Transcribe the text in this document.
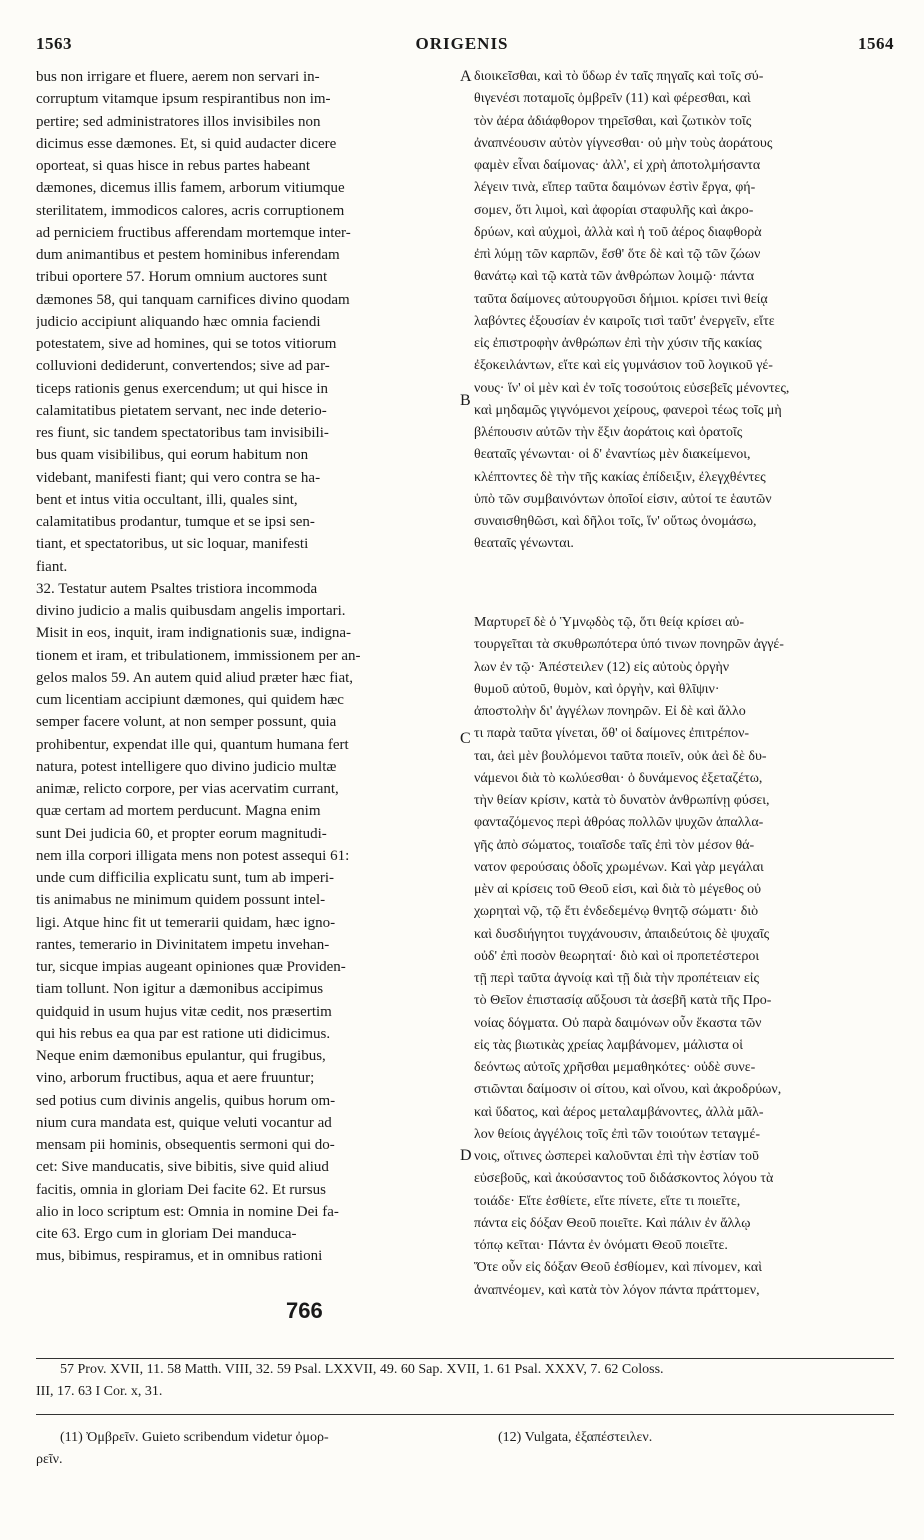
1563	ORIGENIS	1564
bus non irrigare et fluere, aerem non servari in-
corruptum vitamque ipsum respirantibus non im-
pertire; sed administratores illos invisibiles non
dicimus esse dæmones. Et, si quid audacter dicere
oporteat, si quas hisce in rebus partes habeant
dæmones, dicemus illis famem, arborum vitiumque
sterilitatem, immodicos calores, acris corruptionem
ad perniciem fructibus afferendam mortemque inter-
dum animantibus et pestem hominibus inferendam
tribui oportere 57. Horum omnium auctores sunt
dæmones 58, qui tanquam carnifices divino quodam
judicio accipiunt aliquando hæc omnia faciendi
potestatem, sive ad homines, qui se totos vitiorum
colluvioni dediderunt, convertendos; sive ad par-
ticeps rationis genus exercendum; ut qui hisce in
calamitatibus pietatem servant, nec inde deterio-
res fiunt, sic tandem spectatoribus tam invisibili-
bus quam visibilibus, qui eorum habitum non
videbant, manifesti fiant; qui vero contra se ha-
bent et intus vitia occultant, illi, quales sint,
calamitatibus prodantur, tumque et se ipsi sen-
tiant, et spectatoribus, ut sic loquar, manifesti
fiant.
32. Testatur autem Psaltes tristiora incommoda
divino judicio a malis quibusdam angelis importari.
Misit in eos, inquit, iram indignationis suæ, indigna-
tionem et iram, et tribulationem, immissionem per an-
gelos malos 59. An autem quid aliud præter hæc fiat,
cum licentiam accipiunt dæmones, qui quidem hæc
semper facere volunt, at non semper possunt, quia
prohibentur, expendat ille qui, quantum humana fert
natura, potest intelligere quo divino judicio multæ
animæ, relicto corpore, per vias acervatim currant,
quæ certam ad mortem perducunt. Magna enim
sunt Dei judicia 60, et propter eorum magnitudi-
nem illa corpori illigata mens non potest assequi 61:
unde cum difficilia explicatu sunt, tum ab imperi-
tis animabus ne minimum quidem possunt intel-
ligi. Atque hinc fit ut temerarii quidam, hæc igno-
rantes, temerario in Divinitatem impetu invehan-
tur, sicque impias augeant opiniones quæ Providen-
tiam tollunt. Non igitur a dæmonibus accipimus
quidquid in usum hujus vitæ cedit, nos præsertim
qui his rebus ea qua par est ratione uti didicimus.
Neque enim dæmonibus epulantur, qui frugibus,
vino, arborum fructibus, aqua et aere fruuntur;
sed potius cum divinis angelis, quibus horum om-
nium cura mandata est, quique veluti vocantur ad
mensam pii hominis, obsequentis sermoni qui do-
cet: Sive manducatis, sive bibitis, sive quid aliud
facitis, omnia in gloriam Dei facite 62. Et rursus
alio in loco scriptum est: Omnia in nomine Dei fa-
cite 63. Ergo cum in gloriam Dei manduca-
mus, bibimus, respiramus, et in omnibus rationi
διοικεῖσθαι, καὶ τὸ ὕδωρ ἐν ταῖς πηγαῖς καὶ τοῖς σύ-
θιγενέσι ποταμοῖς ὀμβρεῖν (11) καὶ φέρεσθαι, καὶ
τὸν ἀέρα ἀδιάφθορον τηρεῖσθαι, καὶ ζωτικὸν τοῖς
ἀναπνέουσιν αὐτὸν γίγνεσθαι· οὐ μὴν τοὺς ἀοράτους
φαμὲν εἶναι δαίμονας· ἀλλ', εἰ χρὴ ἀποτολμήσαντα
λέγειν τινὰ, εἴπερ ταῦτα δαιμόνων ἐστὶν ἔργα, φή-
σομεν, ὅτι λιμοὶ, καὶ ἀφορίαι σταφυλῆς καὶ ἀκρο-
δρύων, καὶ αὐχμοὶ, ἀλλὰ καὶ ἡ τοῦ ἀέρος διαφθορὰ
ἐπὶ λύμῃ τῶν καρπῶν, ἔσθ' ὅτε δὲ καὶ τῷ τῶν ζώων
θανάτῳ καὶ τῷ κατὰ τῶν ἀνθρώπων λοιμῷ· πάντα
ταῦτα δαίμονες αὐτουργοῦσι δήμιοι. κρίσει τινὶ θείᾳ
λαβόντες ἐξουσίαν ἐν καιροῖς τισὶ ταῦτ' ἐνεργεῖν, εἴτε
εἰς ἐπιστροφὴν ἀνθρώπων ἐπὶ τὴν χύσιν τῆς κακίας
ἐξοκειλάντων, εἴτε καὶ εἰς γυμνάσιον τοῦ λογικοῦ γέ-
νους· ἵν' οἱ μὲν καὶ ἐν τοῖς τοσούτοις εὐσεβεῖς μένοντες,
καὶ μηδαμῶς γιγνόμενοι χείρους, φανεροὶ τέως τοῖς μὴ
βλέπουσιν αὐτῶν τὴν ἕξιν ἀοράτοις καὶ ὁρατοῖς
θεαταῖς γένωνται· οἱ δ' ἐναντίως μὲν διακείμενοι,
κλέπτοντες δὲ τὴν τῆς κακίας ἐπίδειξιν, ἐλεγχθέντες
ὑπὸ τῶν συμβαινόντων ὁποῖοί εἰσιν, αὐτοί τε ἑαυτῶν
συναισθηθῶσι, καὶ δῆλοι τοῖς, ἵν' οὕτως ὀνομάσω,
θεαταῖς γένωνται.
Μαρτυρεῖ δὲ ὁ Ὑμνῳδὸς τῷ, ὅτι θείᾳ κρίσει αὐ-
τουργεῖται τὰ σκυθρωπότερα ὑπό τινων πονηρῶν ἀγγέ-
λων ἐν τῷ· Ἀπέστειλεν (12) εἰς αὐτοὺς ὀργὴν
θυμοῦ αὐτοῦ, θυμὸν, καὶ ὀργὴν, καὶ θλῖψιν·
ἀποστολὴν δι' ἀγγέλων πονηρῶν. Εἰ δὲ καὶ ἄλλο
τι παρὰ ταῦτα γίνεται, ὅθ' οἱ δαίμονες ἐπιτρέπον-
ται, ἀεὶ μὲν βουλόμενοι ταῦτα ποιεῖν, οὐκ ἀεὶ δὲ δυ-
νάμενοι διὰ τὸ κωλύεσθαι· ὁ δυνάμενος ἐξεταζέτω,
τὴν θείαν κρίσιν, κατὰ τὸ δυνατὸν ἀνθρωπίνῃ φύσει,
φανταζόμενος περὶ ἀθρόας πολλῶν ψυχῶν ἀπαλλα-
γῆς ἀπὸ σώματος, τοιαῖσδε ταῖς ἐπὶ τὸν μέσον θά-
νατον φερούσαις ὁδοῖς χρωμένων. Καὶ γὰρ μεγάλαι
μὲν αἱ κρίσεις τοῦ Θεοῦ εἰσι, καὶ διὰ τὸ μέγεθος οὐ
χωρηταὶ νῷ, τῷ ἔτι ἐνδεδεμένῳ θνητῷ σώματι· διὸ
καὶ δυσδιήγητοι τυγχάνουσιν, ἀπαιδεύτοις δὲ ψυχαῖς
οὐδ' ἐπὶ ποσὸν θεωρηταί· διὸ καὶ οἱ προπετέστεροι
τῇ περὶ ταῦτα ἀγνοίᾳ καὶ τῇ διὰ τὴν προπέτειαν εἰς
τὸ Θεῖον ἐπιστασίᾳ αὔξουσι τὰ ἀσεβῆ κατὰ τῆς Προ-
νοίας δόγματα. Οὐ παρὰ δαιμόνων οὖν ἕκαστα τῶν
εἰς τὰς βιωτικὰς χρείας λαμβάνομεν, μάλιστα οἱ
δεόντως αὐτοῖς χρῆσθαι μεμαθηκότες· οὐδὲ συνε-
στιῶνται δαίμοσιν οἱ σίτου, καὶ οἴνου, καὶ ἀκροδρύων,
καὶ ὕδατος, καὶ ἀέρος μεταλαμβάνοντες, ἀλλὰ μᾶλ-
λον θείοις ἀγγέλοις τοῖς ἐπὶ τῶν τοιούτων τεταγμέ-
νοις, οἵτινες ὡσπερεὶ καλοῦνται ἐπὶ τὴν ἑστίαν τοῦ
εὐσεβοῦς, καὶ ἀκούσαντος τοῦ διδάσκοντος λόγου τὰ
τοιάδε· Εἴτε ἐσθίετε, εἴτε πίνετε, εἴτε τι ποιεῖτε,
πάντα εἰς δόξαν Θεοῦ ποιεῖτε. Καὶ πάλιν ἐν ἄλλῳ
τόπῳ κεῖται· Πάντα ἐν ὀνόματι Θεοῦ ποιεῖτε.
Ὅτε οὖν εἰς δόξαν Θεοῦ ἐσθίομεν, καὶ πίνομεν, καὶ
ἀναπνέομεν, καὶ κατὰ τὸν λόγον πάντα πράττομεν,
A
B
C
D
766
57 Prov. XVII, 11. 58 Matth. VIII, 32. 59 Psal. LXXVII, 49. 60 Sap. XVII, 1. 61 Psal. XXXV, 7. 62 Coloss.
III, 17. 63 I Cor. x, 31.
(11) Ὀμβρεῖν. Guieto scribendum videtur ὀμορ-
ρεῖν.
(12) Vulgata, ἐξαπέστειλεν.
